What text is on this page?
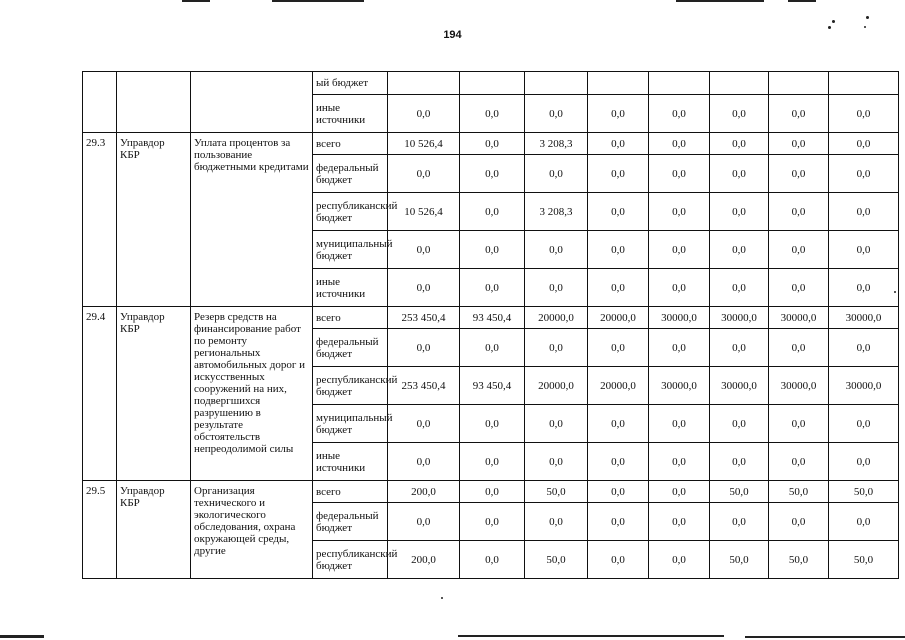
194
			ый бюджет								
			иные источники	0,0	0,0	0,0	0,0	0,0	0,0	0,0	0,0
29.3	Управдор КБР	Уплата процентов за пользование бюджетными кредитами	всего	10 526,4	0,0	3 208,3	0,0	0,0	0,0	0,0	0,0
			федеральный бюджет	0,0	0,0	0,0	0,0	0,0	0,0	0,0	0,0
			республиканский бюджет	10 526,4	0,0	3 208,3	0,0	0,0	0,0	0,0	0,0
			муниципальный бюджет	0,0	0,0	0,0	0,0	0,0	0,0	0,0	0,0
			иные источники	0,0	0,0	0,0	0,0	0,0	0,0	0,0	0,0
29.4	Управдор КБР	Резерв средств на финансирование работ по ремонту региональных автомобильных дорог и искусственных сооружений на них, подвергшихся разрушению в результате обстоятельств непреодолимой силы	всего	253 450,4	93 450,4	20000,0	20000,0	30000,0	30000,0	30000,0	30000,0
			федеральный бюджет	0,0	0,0	0,0	0,0	0,0	0,0	0,0	0,0
			республиканский бюджет	253 450,4	93 450,4	20000,0	20000,0	30000,0	30000,0	30000,0	30000,0
			муниципальный бюджет	0,0	0,0	0,0	0,0	0,0	0,0	0,0	0,0
			иные источники	0,0	0,0	0,0	0,0	0,0	0,0	0,0	0,0
29.5	Управдор КБР	Организация технического и экологического обследования, охрана окружающей среды, другие	всего	200,0	0,0	50,0	0,0	0,0	50,0	50,0	50,0
			федеральный бюджет	0,0	0,0	0,0	0,0	0,0	0,0	0,0	0,0
			республиканский бюджет	200,0	0,0	50,0	0,0	0,0	50,0	50,0	50,0
